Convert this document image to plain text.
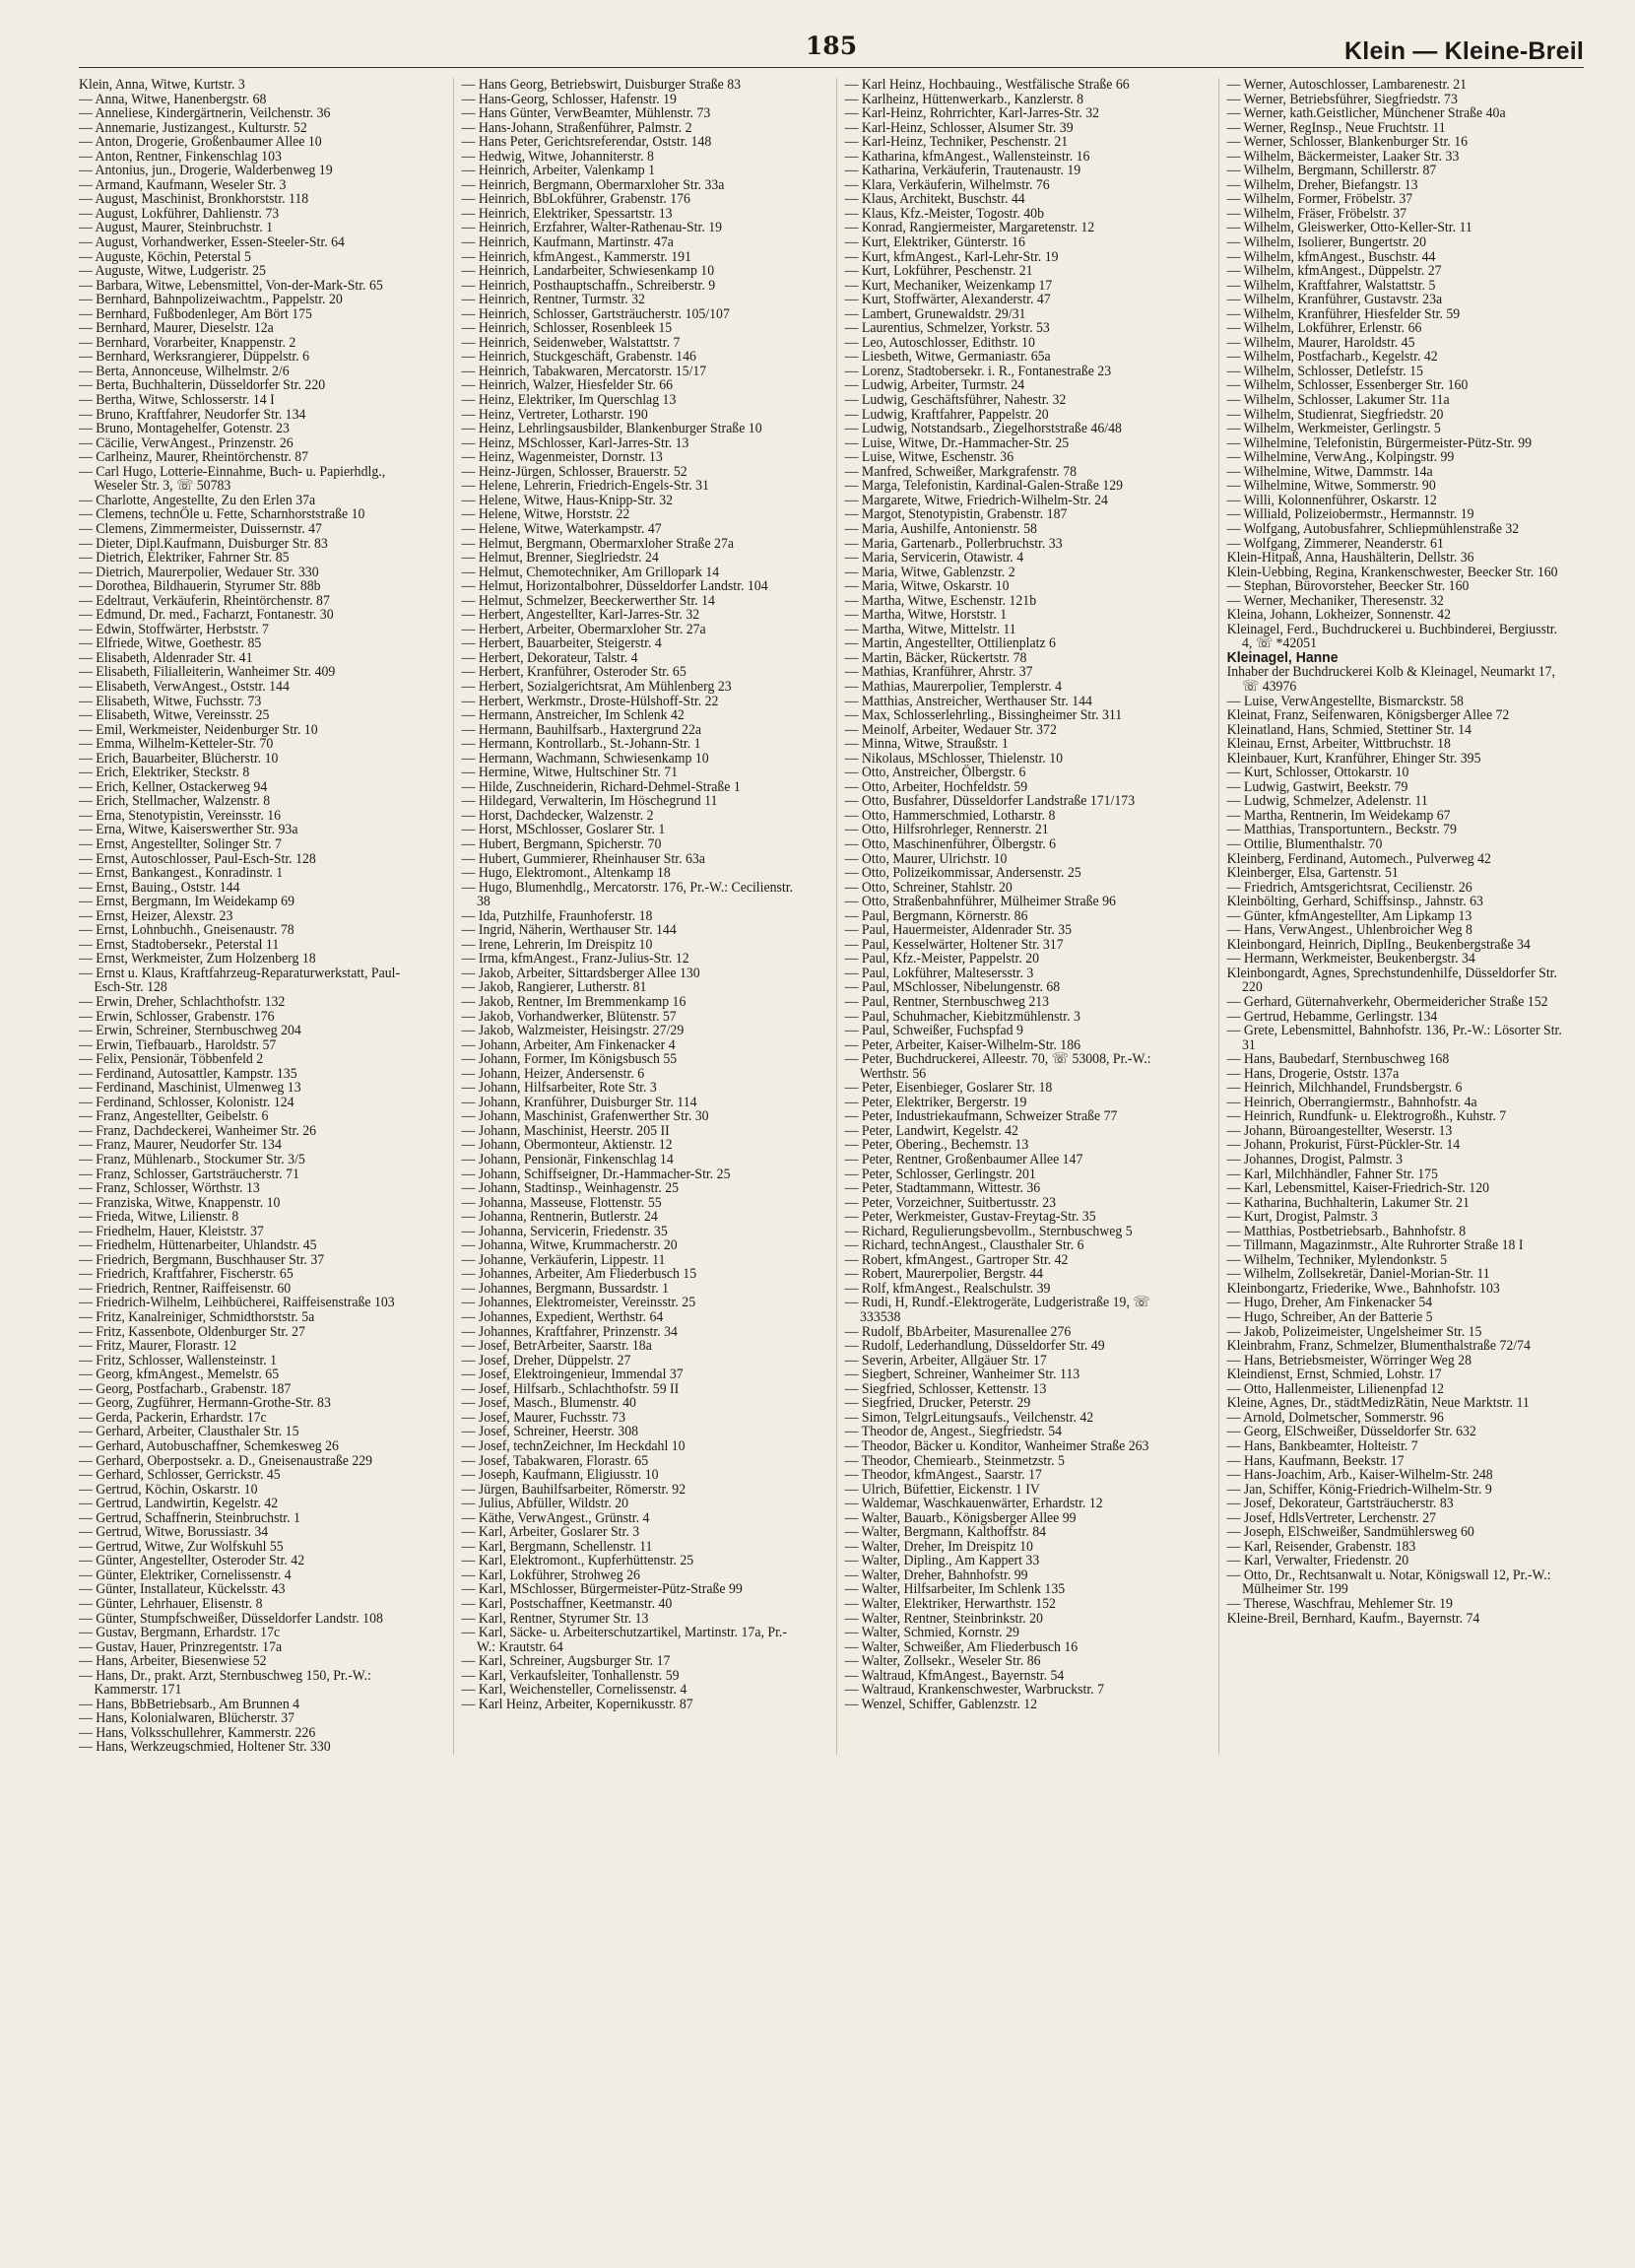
185	Klein — Kleine-Breil
Klein, Anna, Witwe, Kurtstr. 3
— Anna, Witwe, Hanenbergstr. 68
— Anneliese, Kindergärtnerin, Veilchenstr. 36
— Annemarie, Justizangest., Kulturstr. 52
— Anton, Drogerie, Großenbaumer Allee 10
— Anton, Rentner, Finkenschlag 103
— Antonius, jun., Drogerie, Walderbenweg 19
— Armand, Kaufmann, Weseler Str. 3
— August, Maschinist, Bronkhorststr. 118
— August, Lokführer, Dahlienstr. 73
— August, Maurer, Steinbruchstr. 1
— August, Vorhandwerker, Essen-Steeler-Str. 64
— Auguste, Köchin, Peterstal 5
— Auguste, Witwe, Ludgeristr. 25
— Barbara, Witwe, Lebensmittel, Von-der-Mark-Str. 65
— Bernhard, Bahnpolizeiwachtm., Pappelstr. 20
— Bernhard, Fußbodenleger, Am Bört 175
— Bernhard, Maurer, Dieselstr. 12a
— Bernhard, Vorarbeiter, Knappenstr. 2
— Bernhard, Werksrangierer, Düppelstr. 6
— Berta, Annonceuse, Wilhelmstr. 2/6
— Berta, Buchhalterin, Düsseldorfer Str. 220
— Bertha, Witwe, Schlosserstr. 14 I
— Bruno, Kraftfahrer, Neudorfer Str. 134
— Bruno, Montagehelfer, Gotenstr. 23
— Cäcilie, VerwAngest., Prinzenstr. 26
— Carlheinz, Maurer, Rheintörchenstr. 87
— Carl Hugo, Lotterie-Einnahme, Buch- u. Papierhdlg., Weseler Str. 3, ☏ 50783
— Charlotte, Angestellte, Zu den Erlen 37a
— Clemens, technÖle u. Fette, Scharnhorststraße 10
— Clemens, Zimmermeister, Duissernstr. 47
— Dieter, Dipl.Kaufmann, Duisburger Str. 83
— Dietrich, Elektriker, Fahrner Str. 85
— Dietrich, Maurerpolier, Wedauer Str. 330
— Dorothea, Bildhauerin, Styrumer Str. 88b
— Edeltraut, Verkäuferin, Rheintörchenstr. 87
— Edmund, Dr. med., Facharzt, Fontanestr. 30
— Edwin, Stoffwärter, Herbststr. 7
— Elfriede, Witwe, Goethestr. 85
— Elisabeth, Aldenrader Str. 41
— Elisabeth, Filialleiterin, Wanheimer Str. 409
— Elisabeth, VerwAngest., Oststr. 144
— Elisabeth, Witwe, Fuchsstr. 73
— Elisabeth, Witwe, Vereinsstr. 25
— Emil, Werkmeister, Neidenburger Str. 10
— Emma, Wilhelm-Ketteler-Str. 70
— Erich, Bauarbeiter, Blücherstr. 10
— Erich, Elektriker, Steckstr. 8
— Erich, Kellner, Ostackerweg 94
— Erich, Stellmacher, Walzenstr. 8
— Erna, Stenotypistin, Vereinsstr. 16
— Erna, Witwe, Kaiserswerther Str. 93a
— Ernst, Angestellter, Solinger Str. 7
— Ernst, Autoschlosser, Paul-Esch-Str. 128
— Ernst, Bankangest., Konradinstr. 1
— Ernst, Bauing., Oststr. 144
— Ernst, Bergmann, Im Weidekamp 69
— Ernst, Heizer, Alexstr. 23
— Ernst, Lohnbuchh., Gneisenaustr. 78
— Ernst, Stadtobersekr., Peterstal 11
— Ernst, Werkmeister, Zum Holzenberg 18
— Ernst u. Klaus, Kraftfahrzeug-Reparaturwerkstatt, Paul-Esch-Str. 128
— Erwin, Dreher, Schlachthofstr. 132
— Erwin, Schlosser, Grabenstr. 176
— Erwin, Schreiner, Sternbuschweg 204
— Erwin, Tiefbauarb., Haroldstr. 57
— Felix, Pensionär, Többenfeld 2
— Ferdinand, Autosattler, Kampstr. 135
— Ferdinand, Maschinist, Ulmenweg 13
— Ferdinand, Schlosser, Kolonistr. 124
— Franz, Angestellter, Geibelstr. 6
— Franz, Dachdeckerei, Wanheimer Str. 26
— Franz, Maurer, Neudorfer Str. 134
— Franz, Mühlenarb., Stockumer Str. 3/5
— Franz, Schlosser, Gartsträucherstr. 71
— Franz, Schlosser, Wörthstr. 13
— Franziska, Witwe, Knappenstr. 10
— Frieda, Witwe, Lilienstr. 8
— Friedhelm, Hauer, Kleiststr. 37
— Friedhelm, Hüttenarbeiter, Uhlandstr. 45
— Friedrich, Bergmann, Buschhauser Str. 37
— Friedrich, Kraftfahrer, Fischerstr. 65
— Friedrich, Rentner, Raiffeisenstr. 60
— Friedrich-Wilhelm, Leihbücherei, Raiffeisenstraße 103
— Fritz, Kanalreiniger, Schmidthorststr. 5a
— Fritz, Kassenbote, Oldenburger Str. 27
— Fritz, Maurer, Florastr. 12
— Fritz, Schlosser, Wallensteinstr. 1
— Georg, kfmAngest., Memelstr. 65
— Georg, Postfacharb., Grabenstr. 187
— Georg, Zugführer, Hermann-Grothe-Str. 83
— Gerda, Packerin, Erhardstr. 17c
— Gerhard, Arbeiter, Clausthaler Str. 15
— Gerhard, Autobuschaffner, Schemkesweg 26
— Gerhard, Oberpostsekr. a. D., Gneisenaustraße 229
— Gerhard, Schlosser, Gerrickstr. 45
— Gertrud, Köchin, Oskarstr. 10
— Gertrud, Landwirtin, Kegelstr. 42
— Gertrud, Schaffnerin, Steinbruchstr. 1
— Gertrud, Witwe, Borussiastr. 34
— Gertrud, Witwe, Zur Wolfskuhl 55
— Günter, Angestellter, Osteroder Str. 42
— Günter, Elektriker, Cornelissenstr. 4
— Günter, Installateur, Kückelsstr. 43
— Günter, Lehrhauer, Elisenstr. 8
— Günter, Stumpfschweißer, Düsseldorfer Landstr. 108
— Gustav, Bergmann, Erhardstr. 17c
— Gustav, Hauer, Prinzregentstr. 17a
— Hans, Arbeiter, Biesenwiese 52
— Hans, Dr., prakt. Arzt, Sternbuschweg 150, Pr.-W.: Kammerstr. 171
— Hans, BbBetriebsarb., Am Brunnen 4
— Hans, Kolonialwaren, Blücherstr. 37
— Hans, Volksschullehrer, Kammerstr. 226
— Hans, Werkzeugschmied, Holtener Str. 330
— Hans Georg, Betriebswirt, Duisburger Straße 83
— Hans-Georg, Schlosser, Hafenstr. 19
— Hans Günter, VerwBeamter, Mühlenstr. 73
— Hans-Johann, Straßenführer, Palmstr. 2
— Hans Peter, Gerichtsreferendar, Oststr. 148
— Hedwig, Witwe, Johanniterstr. 8
— Heinrich, Arbeiter, Valenkamp 1
— Heinrich, Bergmann, Obermarxloher Str. 33a
— Heinrich, BbLokführer, Grabenstr. 176
— Heinrich, Elektriker, Spessartstr. 13
— Heinrich, Erzfahrer, Walter-Rathenau-Str. 19
— Heinrich, Kaufmann, Martinstr. 47a
— Heinrich, kfmAngest., Kammerstr. 191
— Heinrich, Landarbeiter, Schwiesenkamp 10
— Heinrich, Posthauptschaffn., Schreiberstr. 9
— Heinrich, Rentner, Turmstr. 32
— Heinrich, Schlosser, Gartsträucherstr. 105/107
— Heinrich, Schlosser, Rosenbleek 15
— Heinrich, Seidenweber, Walstattstr. 7
— Heinrich, Stuckgeschäft, Grabenstr. 146
— Heinrich, Tabakwaren, Mercatorstr. 15/17
— Heinrich, Walzer, Hiesfelder Str. 66
— Heinz, Elektriker, Im Querschlag 13
— Heinz, Vertreter, Lotharstr. 190
— Heinz, Lehrlingsausbilder, Blankenburger Straße 10
— Heinz, MSchlosser, Karl-Jarres-Str. 13
— Heinz, Wagenmeister, Dornstr. 13
— Heinz-Jürgen, Schlosser, Brauerstr. 52
— Helene, Lehrerin, Friedrich-Engels-Str. 31
— Helene, Witwe, Haus-Knipp-Str. 32
— Helene, Witwe, Horststr. 22
— Helene, Witwe, Waterkampstr. 47
— Helmut, Bergmann, Obermarxloher Straße 27a
— Helmut, Brenner, Sieglriedstr. 24
— Helmut, Chemotechniker, Am Grillopark 14
— Helmut, Horizontalbohrer, Düsseldorfer Landstr. 104
— Helmut, Schmelzer, Beeckerwerther Str. 14
— Herbert, Angestellter, Karl-Jarres-Str. 32
— Herbert, Arbeiter, Obermarxloher Str. 27a
— Herbert, Bauarbeiter, Steigerstr. 4
— Herbert, Dekorateur, Talstr. 4
— Herbert, Kranführer, Osteroder Str. 65
— Herbert, Sozialgerichtsrat, Am Mühlenberg 23
— Herbert, Werkmstr., Droste-Hülshoff-Str. 22
— Hermann, Anstreicher, Im Schlenk 42
— Hermann, Bauhilfsarb., Haxtergrund 22a
— Hermann, Kontrollarb., St.-Johann-Str. 1
— Hermann, Wachmann, Schwiesenkamp 10
— Hermine, Witwe, Hultschiner Str. 71
— Hilde, Zuschneiderin, Richard-Dehmel-Straße 1
— Hildegard, Verwalterin, Im Höschegrund 11
— Horst, Dachdecker, Walzenstr. 2
— Horst, MSchlosser, Goslarer Str. 1
— Hubert, Bergmann, Spicherstr. 70
— Hubert, Gummierer, Rheinhauser Str. 63a
— Hugo, Elektromont., Altenkamp 18
— Hugo, Blumenhdlg., Mercatorstr. 176, Pr.-W.: Cecilienstr. 38
— Ida, Putzhilfe, Fraunhoferstr. 18
— Ingrid, Näherin, Werthauser Str. 144
— Irene, Lehrerin, Im Dreispitz 10
— Irma, kfmAngest., Franz-Julius-Str. 12
— Jakob, Arbeiter, Sittardsberger Allee 130
— Jakob, Rangierer, Lutherstr. 81
— Jakob, Rentner, Im Bremmenkamp 16
— Jakob, Vorhandwerker, Blütenstr. 57
— Jakob, Walzmeister, Heisingstr. 27/29
— Johann, Arbeiter, Am Finkenacker 4
— Johann, Former, Im Königsbusch 55
— Johann, Heizer, Andersenstr. 6
— Johann, Hilfsarbeiter, Rote Str. 3
— Johann, Kranführer, Duisburger Str. 114
— Johann, Maschinist, Grafenwerther Str. 30
— Johann, Maschinist, Heerstr. 205 II
— Johann, Obermonteur, Aktienstr. 12
— Johann, Pensionär, Finkenschlag 14
— Johann, Schiffseigner, Dr.-Hammacher-Str. 25
— Johann, Stadtinsp., Weinhagenstr. 25
— Johanna, Masseuse, Flottenstr. 55
— Johanna, Rentnerin, Butlerstr. 24
— Johanna, Servicerin, Friedenstr. 35
— Johanna, Witwe, Krummacherstr. 20
— Johanne, Verkäuferin, Lippestr. 11
— Johannes, Arbeiter, Am Fliederbusch 15
— Johannes, Bergmann, Bussardstr. 1
— Johannes, Elektromeister, Vereinsstr. 25
— Johannes, Expedient, Werthstr. 64
— Johannes, Kraftfahrer, Prinzenstr. 34
— Josef, BetrArbeiter, Saarstr. 18a
— Josef, Dreher, Düppelstr. 27
— Josef, Elektroingenieur, Immendal 37
— Josef, Hilfsarb., Schlachthofstr. 59 II
— Josef, Masch., Blumenstr. 40
— Josef, Maurer, Fuchsstr. 73
— Josef, Schreiner, Heerstr. 308
— Josef, technZeichner, Im Heckdahl 10
— Josef, Tabakwaren, Florastr. 65
— Joseph, Kaufmann, Eligiusstr. 10
— Jürgen, Bauhilfsarbeiter, Römerstr. 92
— Julius, Abfüller, Wildstr. 20
— Käthe, VerwAngest., Grünstr. 4
— Karl, Arbeiter, Goslarer Str. 3
— Karl, Bergmann, Schellenstr. 11
— Karl, Elektromont., Kupferhüttenstr. 25
— Karl, Lokführer, Strohweg 26
— Karl, MSchlosser, Bürgermeister-Pütz-Straße 99
— Karl, Postschaffner, Keetmanstr. 40
— Karl, Rentner, Styrumer Str. 13
— Karl, Säcke- u. Arbeiterschutzartikel, Martinstr. 17a, Pr.-W.: Krautstr. 64
— Karl, Schreiner, Augsburger Str. 17
— Karl, Verkaufsleiter, Tonhallenstr. 59
— Karl, Weichensteller, Cornelissenstr. 4
— Karl Heinz, Arbeiter, Kopernikusstr. 87
— Karl Heinz, Hochbauing., Westfälische Straße 66
— Karlheinz, Hüttenwerkarb., Kanzlerstr. 8
— Karl-Heinz, Rohrrichter, Karl-Jarres-Str. 32
— Karl-Heinz, Schlosser, Alsumer Str. 39
— Karl-Heinz, Techniker, Peschenstr. 21
— Katharina, kfmAngest., Wallensteinstr. 16
— Katharina, Verkäuferin, Trautenaustr. 19
— Klara, Verkäuferin, Wilhelmstr. 76
— Klaus, Architekt, Buschstr. 44
— Klaus, Kfz.-Meister, Togostr. 40b
— Konrad, Rangiermeister, Margaretenstr. 12
— Kurt, Elektriker, Günterstr. 16
— Kurt, kfmAngest., Karl-Lehr-Str. 19
— Kurt, Lokführer, Peschenstr. 21
— Kurt, Mechaniker, Weizenkamp 17
— Kurt, Stoffwärter, Alexanderstr. 47
— Lambert, Grunewaldstr. 29/31
— Laurentius, Schmelzer, Yorkstr. 53
— Leo, Autoschlosser, Edithstr. 10
— Liesbeth, Witwe, Germaniastr. 65a
— Lorenz, Stadtobersekr. i. R., Fontanestraße 23
— Ludwig, Arbeiter, Turmstr. 24
— Ludwig, Geschäftsführer, Nahestr. 32
— Ludwig, Kraftfahrer, Pappelstr. 20
— Ludwig, Notstandsarb., Ziegelhorststraße 46/48
— Luise, Witwe, Dr.-Hammacher-Str. 25
— Luise, Witwe, Eschenstr. 36
— Manfred, Schweißer, Markgrafenstr. 78
— Marga, Telefonistin, Kardinal-Galen-Straße 129
— Margarete, Witwe, Friedrich-Wilhelm-Str. 24
— Margot, Stenotypistin, Grabenstr. 187
— Maria, Aushilfe, Antonienstr. 58
— Maria, Gartenarb., Pollerbruchstr. 33
— Maria, Servicerin, Otawistr. 4
— Maria, Witwe, Gablenzstr. 2
— Maria, Witwe, Oskarstr. 10
— Martha, Witwe, Eschenstr. 121b
— Martha, Witwe, Horststr. 1
— Martha, Witwe, Mittelstr. 11
— Martin, Angestellter, Ottilienplatz 6
— Martin, Bäcker, Rückertstr. 78
— Mathias, Kranführer, Ahrstr. 37
— Mathias, Maurerpolier, Templerstr. 4
— Matthias, Anstreicher, Werthauser Str. 144
— Max, Schlosserlehrling., Bissingheimer Str. 311
— Meinolf, Arbeiter, Wedauer Str. 372
— Minna, Witwe, Straußstr. 1
— Nikolaus, MSchlosser, Thielenstr. 10
— Otto, Anstreicher, Ölbergstr. 6
— Otto, Arbeiter, Hochfeldstr. 59
— Otto, Busfahrer, Düsseldorfer Landstraße 171/173
— Otto, Hammerschmied, Lotharstr. 8
— Otto, Hilfsrohrleger, Rennerstr. 21
— Otto, Maschinenführer, Ölbergstr. 6
— Otto, Maurer, Ulrichstr. 10
— Otto, Polizeikommissar, Andersenstr. 25
— Otto, Schreiner, Stahlstr. 20
— Otto, Straßenbahnführer, Mülheimer Straße 96
— Paul, Bergmann, Körnerstr. 86
— Paul, Hauermeister, Aldenrader Str. 35
— Paul, Kesselwärter, Holtener Str. 317
— Paul, Kfz.-Meister, Pappelstr. 20
— Paul, Lokführer, Maltesersstr. 3
— Paul, MSchlosser, Nibelungenstr. 68
— Paul, Rentner, Sternbuschweg 213
— Paul, Schuhmacher, Kiebitzmühlenstr. 3
— Paul, Schweißer, Fuchspfad 9
— Peter, Arbeiter, Kaiser-Wilhelm-Str. 186
— Peter, Buchdruckerei, Alleestr. 70, ☏ 53008, Pr.-W.: Werthstr. 56
— Peter, Eisenbieger, Goslarer Str. 18
— Peter, Elektriker, Bergerstr. 19
— Peter, Industriekaufmann, Schweizer Straße 77
— Peter, Landwirt, Kegelstr. 42
— Peter, Obering., Bechemstr. 13
— Peter, Rentner, Großenbaumer Allee 147
— Peter, Schlosser, Gerlingstr. 201
— Peter, Stadtammann, Wittestr. 36
— Peter, Vorzeichner, Suitbertusstr. 23
— Peter, Werkmeister, Gustav-Freytag-Str. 35
— Richard, Regulierungsbevollm., Sternbuschweg 5
— Richard, technAngest., Clausthaler Str. 6
— Robert, kfmAngest., Gartroper Str. 42
— Robert, Maurerpolier, Bergstr. 44
— Rolf, kfmAngest., Realschulstr. 39
— Rudi, H, Rundf.-Elektrogeräte, Ludgeristraße 19, ☏ 333538
— Rudolf, BbArbeiter, Masurenallee 276
— Rudolf, Lederhandlung, Düsseldorfer Str. 49
— Severin, Arbeiter, Allgäuer Str. 17
— Siegbert, Schreiner, Wanheimer Str. 113
— Siegfried, Schlosser, Kettenstr. 13
— Siegfried, Drucker, Peterstr. 29
— Simon, TelgrLeitungsaufs., Veilchenstr. 42
— Theodor de, Angest., Siegfriedstr. 54
— Theodor, Bäcker u. Konditor, Wanheimer Straße 263
— Theodor, Chemiearb., Steinmetzstr. 5
— Theodor, kfmAngest., Saarstr. 17
— Ulrich, Büfettier, Eickenstr. 1 IV
— Waldemar, Waschkauenwärter, Erhardstr. 12
— Walter, Bauarb., Königsberger Allee 99
— Walter, Bergmann, Kalthoffstr. 84
— Walter, Dreher, Im Dreispitz 10
— Walter, Dipling., Am Kappert 33
— Walter, Dreher, Bahnhofstr. 99
— Walter, Hilfsarbeiter, Im Schlenk 135
— Walter, Elektriker, Herwarthstr. 152
— Walter, Rentner, Steinbrinkstr. 20
— Walter, Schmied, Kornstr. 29
— Walter, Schweißer, Am Fliederbusch 16
— Walter, Zollsekr., Weseler Str. 86
— Waltraud, KfmAngest., Bayernstr. 54
— Waltraud, Krankenschwester, Warbruckstr. 7
— Wenzel, Schiffer, Gablenzstr. 12
— Werner, Autoschlosser, Lambarenestr. 21
— Werner, Betriebsführer, Siegfriedstr. 73
— Werner, kath.Geistlicher, Münchener Straße 40a
— Werner, RegInsp., Neue Fruchtstr. 11
— Werner, Schlosser, Blankenburger Str. 16
— Wilhelm, Bäckermeister, Laaker Str. 33
— Wilhelm, Bergmann, Schillerstr. 87
— Wilhelm, Dreher, Biefangstr. 13
— Wilhelm, Former, Fröbelstr. 37
— Wilhelm, Fräser, Fröbelstr. 37
— Wilhelm, Gleiswerker, Otto-Keller-Str. 11
— Wilhelm, Isolierer, Bungertstr. 20
— Wilhelm, kfmAngest., Buschstr. 44
— Wilhelm, kfmAngest., Düppelstr. 27
— Wilhelm, Kraftfahrer, Walstattstr. 5
— Wilhelm, Kranführer, Gustavstr. 23a
— Wilhelm, Kranführer, Hiesfelder Str. 59
— Wilhelm, Lokführer, Erlenstr. 66
— Wilhelm, Maurer, Haroldstr. 45
— Wilhelm, Postfacharb., Kegelstr. 42
— Wilhelm, Schlosser, Detlefstr. 15
— Wilhelm, Schlosser, Essenberger Str. 160
— Wilhelm, Schlosser, Lakumer Str. 11a
— Wilhelm, Studienrat, Siegfriedstr. 20
— Wilhelm, Werkmeister, Gerlingstr. 5
— Wilhelmine, Telefonistin, Bürgermeister-Pütz-Str. 99
— Wilhelmine, VerwAng., Kolpingstr. 99
— Wilhelmine, Witwe, Dammstr. 14a
— Wilhelmine, Witwe, Sommerstr. 90
— Willi, Kolonnenführer, Oskarstr. 12
— Williald, Polizeiobermstr., Hermannstr. 19
— Wolfgang, Autobusfahrer, Schliepmühlenstraße 32
— Wolfgang, Zimmerer, Neanderstr. 61
Klein-Hitpaß, Anna, Haushälterin, Dellstr. 36
Klein-Uebbing, Regina, Krankenschwester, Beecker Str. 160
— Stephan, Bürovorsteher, Beecker Str. 160
— Werner, Mechaniker, Theresenstr. 32
Kleina, Johann, Lokheizer, Sonnenstr. 42
Kleinagel, Ferd., Buchdruckerei u. Buchbinderei, Bergiusstr. 4, ☏ *42051
Kleinagel, Hanne
Inhaber der Buchdruckerei Kolb & Kleinagel, Neumarkt 17, ☏ 43976
— Luise, VerwAngestellte, Bismarckstr. 58
Kleinat, Franz, Seifenwaren, Königsberger Allee 72
Kleinatland, Hans, Schmied, Stettiner Str. 14
Kleinau, Ernst, Arbeiter, Wittbruchstr. 18
Kleinbauer, Kurt, Kranführer, Ehinger Str. 395
— Kurt, Schlosser, Ottokarstr. 10
— Ludwig, Gastwirt, Beekstr. 79
— Ludwig, Schmelzer, Adelenstr. 11
— Martha, Rentnerin, Im Weidekamp 67
— Matthias, Transportuntern., Beckstr. 79
— Ottilie, Blumenthalstr. 70
Kleinberg, Ferdinand, Automech., Pulverweg 42
Kleinberger, Elsa, Gartenstr. 51
— Friedrich, Amtsgerichtsrat, Cecilienstr. 26
Kleinbölting, Gerhard, Schiffsinsp., Jahnstr. 63
— Günter, kfmAngestellter, Am Lipkamp 13
— Hans, VerwAngest., Uhlenbroicher Weg 8
Kleinbongard, Heinrich, DiplIng., Beukenbergstraße 34
— Hermann, Werkmeister, Beukenbergstr. 34
Kleinbongardt, Agnes, Sprechstundenhilfe, Düsseldorfer Str. 220
— Gerhard, Güternahverkehr, Obermeidericher Straße 152
— Gertrud, Hebamme, Gerlingstr. 134
— Grete, Lebensmittel, Bahnhofstr. 136, Pr.-W.: Lösorter Str. 31
— Hans, Baubedarf, Sternbuschweg 168
— Hans, Drogerie, Oststr. 137a
— Heinrich, Milchhandel, Frundsbergstr. 6
— Heinrich, Oberrangiermstr., Bahnhofstr. 4a
— Heinrich, Rundfunk- u. Elektrogroßh., Kuhstr. 7
— Johann, Büroangestellter, Weserstr. 13
— Johann, Prokurist, Fürst-Pückler-Str. 14
— Johannes, Drogist, Palmstr. 3
— Karl, Milchhändler, Fahner Str. 175
— Karl, Lebensmittel, Kaiser-Friedrich-Str. 120
— Katharina, Buchhalterin, Lakumer Str. 21
— Kurt, Drogist, Palmstr. 3
— Matthias, Postbetriebsarb., Bahnhofstr. 8
— Tillmann, Magazinmstr., Alte Ruhrorter Straße 18 I
— Wilhelm, Techniker, Mylendonkstr. 5
— Wilhelm, Zollsekretär, Daniel-Morian-Str. 11
Kleinbongartz, Friederike, Wwe., Bahnhofstr. 103
— Hugo, Dreher, Am Finkenacker 54
— Hugo, Schreiber, An der Batterie 5
— Jakob, Polizeimeister, Ungelsheimer Str. 15
Kleinbrahm, Franz, Schmelzer, Blumenthalstraße 72/74
— Hans, Betriebsmeister, Wörringer Weg 28
Kleindienst, Ernst, Schmied, Lohstr. 17
— Otto, Hallenmeister, Lilienenpfad 12
Kleine, Agnes, Dr., städtMedizRätin, Neue Marktstr. 11
— Arnold, Dolmetscher, Sommerstr. 96
— Georg, ElSchweißer, Düsseldorfer Str. 632
— Hans, Bankbeamter, Holteistr. 7
— Hans, Kaufmann, Beekstr. 17
— Hans-Joachim, Arb., Kaiser-Wilhelm-Str. 248
— Jan, Schiffer, König-Friedrich-Wilhelm-Str. 9
— Josef, Dekorateur, Gartsträucherstr. 83
— Josef, HdlsVertreter, Lerchenstr. 27
— Joseph, ElSchweißer, Sandmühlersweg 60
— Karl, Reisender, Grabenstr. 183
— Karl, Verwalter, Friedenstr. 20
— Otto, Dr., Rechtsanwalt u. Notar, Königswall 12, Pr.-W.: Mülheimer Str. 199
— Therese, Waschfrau, Mehlemer Str. 19
Kleine-Breil, Bernhard, Kaufm., Bayernstr. 74
